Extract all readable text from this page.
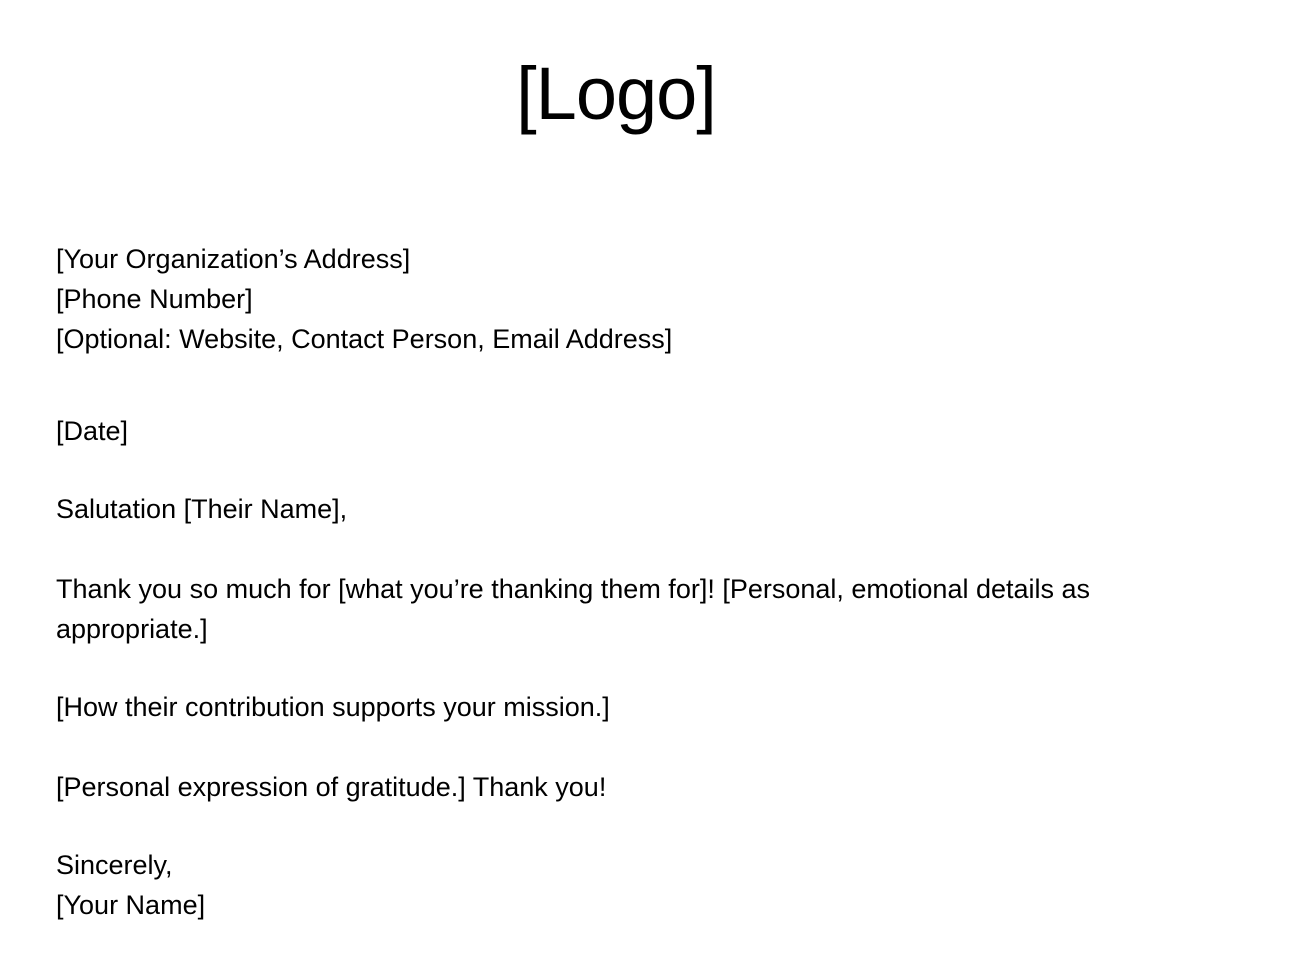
[Logo]
[Your Organization’s Address]
[Phone Number]
[Optional: Website, Contact Person, Email Address]
[Date]
Salutation [Their Name],
Thank you so much for [what you’re thanking them for]! [Personal, emotional details as appropriate.]
[How their contribution supports your mission.]
[Personal expression of gratitude.] Thank you!
Sincerely,
[Your Name]
